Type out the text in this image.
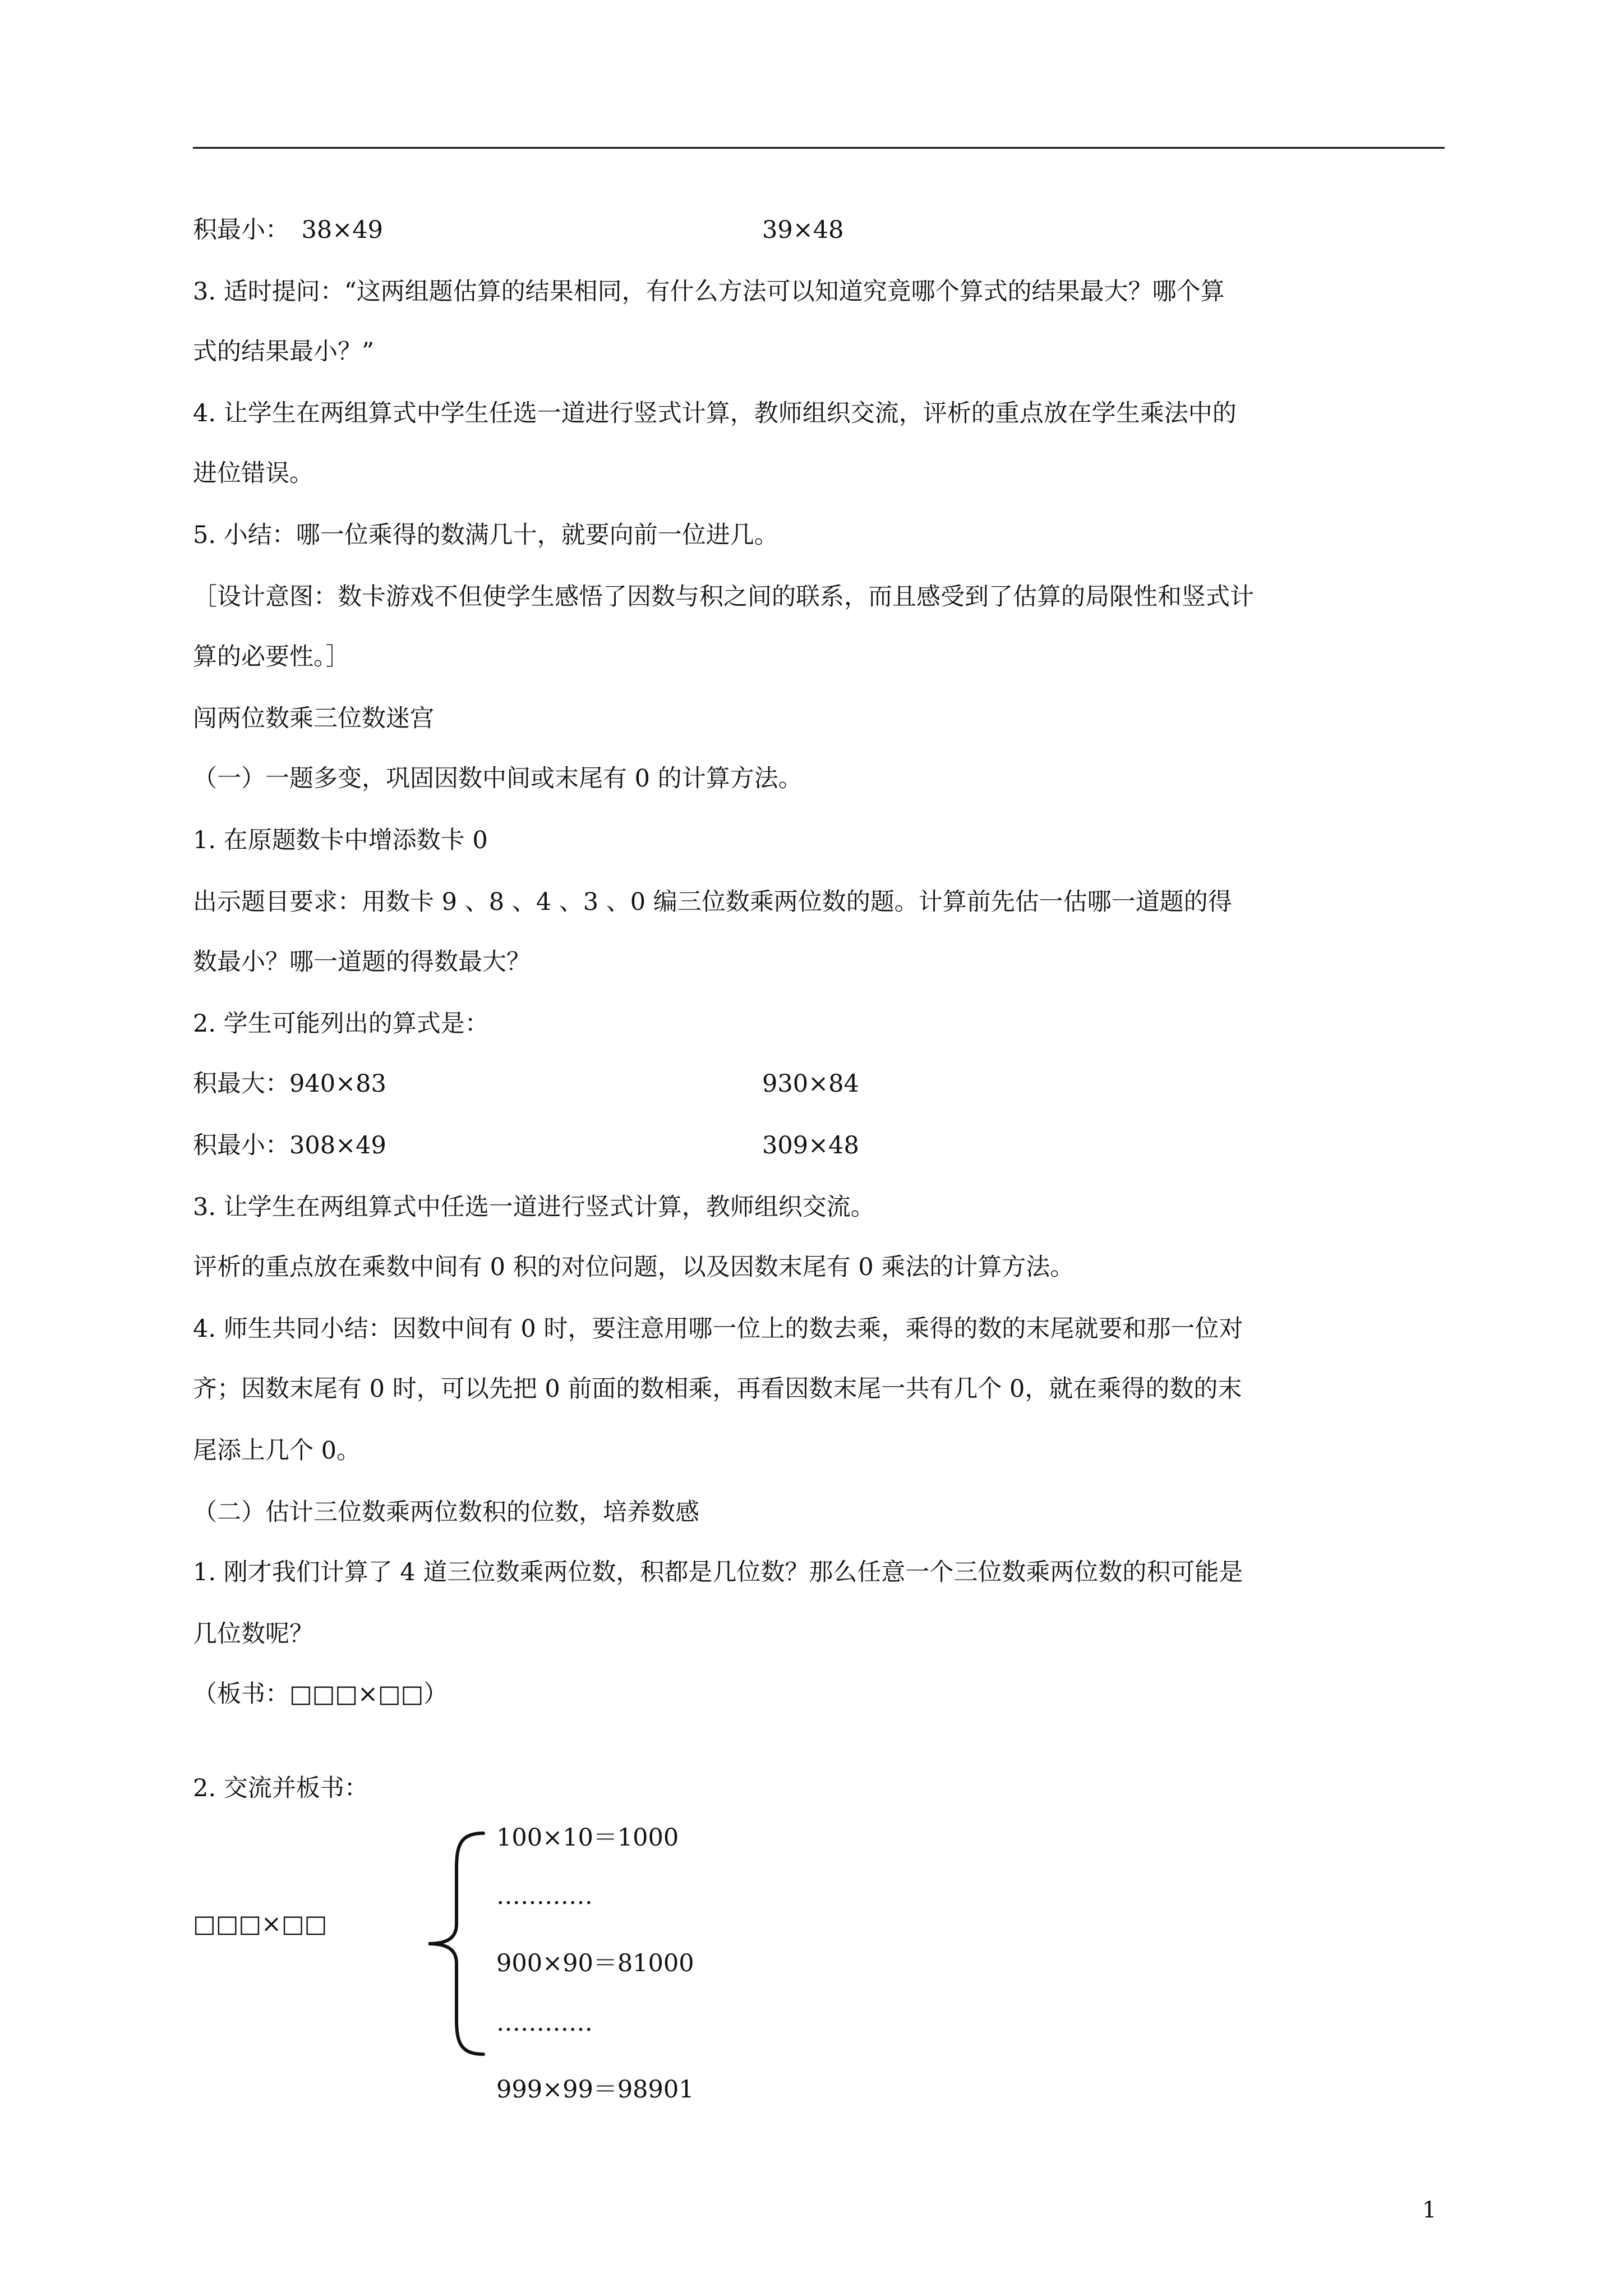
积最小：　38×49	39×48
3. 适时提问：“这两组题估算的结果相同，有什么方法可以知道究竟哪个算式的结果最大？哪个算
式的结果最小？”
4. 让学生在两组算式中学生任选一道进行竖式计算，教师组织交流，评析的重点放在学生乘法中的
进位错误。
5. 小结：哪一位乘得的数满几十，就要向前一位进几。
［设计意图：数卡游戏不但使学生感悟了因数与积之间的联系，而且感受到了估算的局限性和竖式计
算的必要性。］
闯两位数乘三位数迷宫
（一）一题多变，巩固因数中间或末尾有 0 的计算方法。
1. 在原题数卡中增添数卡 0
出示题目要求：用数卡 9 、8 、4 、3 、0 编三位数乘两位数的题。计算前先估一估哪一道题的得
数最小？哪一道题的得数最大？
2. 学生可能列出的算式是：
积最大：940×83	930×84
积最小：308×49	309×48
3. 让学生在两组算式中任选一道进行竖式计算，教师组织交流。
评析的重点放在乘数中间有 0 积的对位问题，以及因数末尾有 0 乘法的计算方法。
4. 师生共同小结：因数中间有 0 时，要注意用哪一位上的数去乘，乘得的数的末尾就要和那一位对
齐；因数末尾有 0 时，可以先把 0 前面的数相乘，再看因数末尾一共有几个 0，就在乘得的数的末
尾添上几个 0。
（二）估计三位数乘两位数积的位数，培养数感
1. 刚才我们计算了 4 道三位数乘两位数，积都是几位数？那么任意一个三位数乘两位数的积可能是
几位数呢？
（板书：□□□×□□）
2. 交流并板书：
□□□×□□
100×10＝1000
…………
900×90＝81000
…………
999×99＝98901
1
